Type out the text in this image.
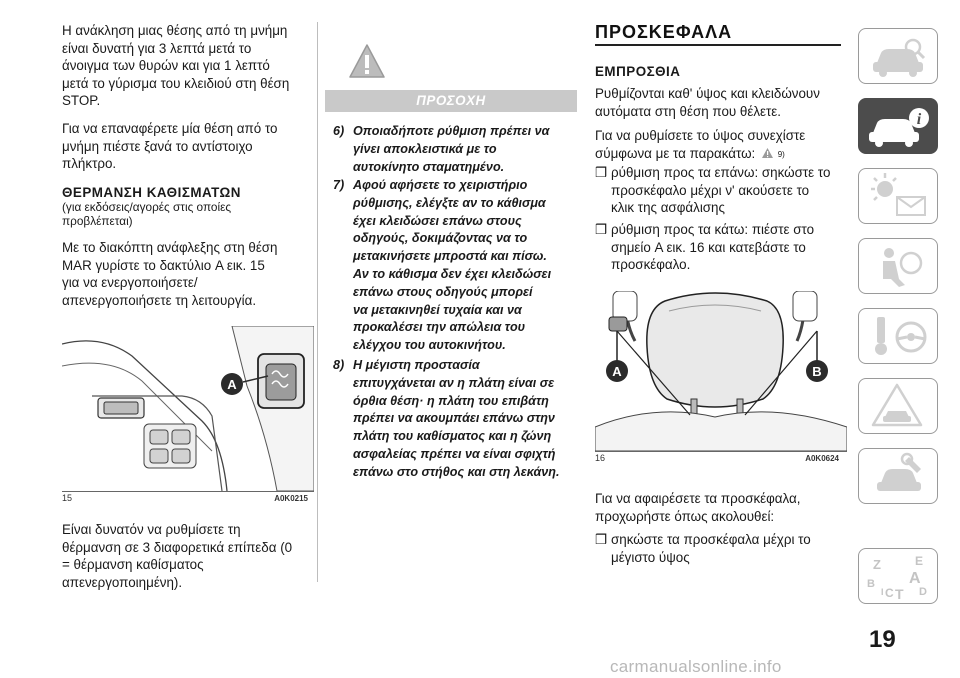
Η ανάκληση μιας θέσης από τη μνήμη

είναι δυνατή για 3 λεπτά μετά το

άνοιγμα των θυρών και για 1 λεπτό

μετά το γύρισμα του κλειδιού στη θέση

STOP.

Για να επαναφέρετε μία θέση από το

μνήμη πιέστε ξανά το αντίστοιχο

πλήκτρο.

ΘΕΡΜΑΝΣΗ ΚΑΘΙΣΜΑΤΩΝ

(για εκδόσεις/αγορές στις οποίες

προβλέπεται)

Με το διακόπτη ανάφλεξης στη θέση

MAR γυρίστε το δακτύλιο A εικ. 15

για να ενεργοποιήσετε/

απενεργοποιήσετε τη λειτουργία.

A
15	A0K0215

Είναι δυνατόν να ρυθμίσετε τη

θέρμανση σε 3 διαφορετικά επίπεδα (0

= θέρμανση καθίσματος

απενεργοποιημένη).

ΠΡΟΣΟΧΗ
6) Οποιαδήποτε ρύθμιση πρέπει να

γίνει αποκλειστικά με το

αυτοκίνητο σταματημένο.

7) Αφού αφήσετε το χειριστήριο

ρύθμισης, ελέγξτε αν το κάθισμα

έχει κλειδώσει επάνω στους

οδηγούς, δοκιμάζοντας να το

μετακινήσετε μπροστά και πίσω.

Αν το κάθισμα δεν έχει κλειδώσει

επάνω στους οδηγούς μπορεί

να μετακινηθεί τυχαία και να

προκαλέσει την απώλεια του

ελέγχου του αυτοκινήτου.

8) Η μέγιστη προστασία

επιτυγχάνεται αν η πλάτη είναι σε

όρθια θέση· η πλάτη του επιβάτη

πρέπει να ακουμπάει επάνω στην

πλάτη του καθίσματος και η ζώνη

ασφαλείας πρέπει να είναι σφιχτή

επάνω στο στήθος και στη λεκάνη.

ΠΡΟΣΚΕΦΑΛΑ
ΕΜΠΡΟΣΘΙΑ

Ρυθμίζονται καθ' ύψος και κλειδώνουν

αυτόματα στη θέση που θέλετε.

Για να ρυθμίσετε το ύψος συνεχίστε

σύμφωνα με τα παρακάτω:	9)

❒ ρύθμιση προς τα επάνω: σηκώστε το

προσκέφαλο μέχρι ν' ακούσετε το

κλικ της ασφάλισης

❒ ρύθμιση προς τα κάτω: πιέστε στο

σημείο A εικ. 16 και κατεβάστε το

προσκέφαλο.

A	B
16	A0K0624

Για να αφαιρέσετε τα προσκέφαλα,

προχωρήστε όπως ακολουθεί:

❒ σηκώστε τα προσκέφαλα μέχρι το

μέγιστο ύψος

i
Z	E
B A
C T D
I
19
carmanualsonline.info
